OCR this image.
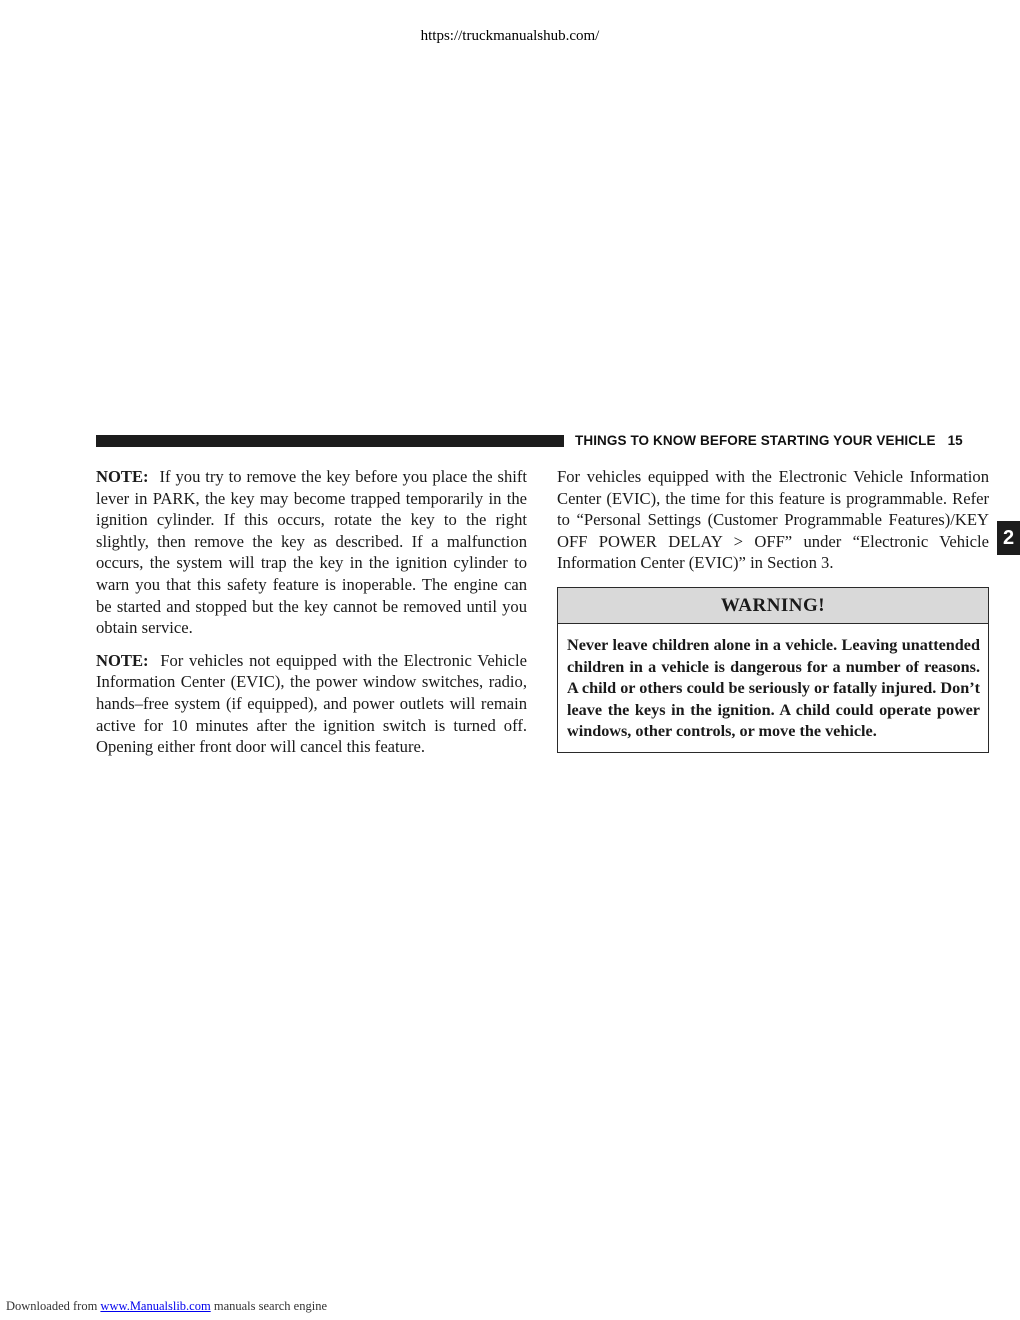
https://truckmanualshub.com/
THINGS TO KNOW BEFORE STARTING YOUR VEHICLE 15
2

NOTE: If you try to remove the key before you place the shift lever in PARK, the key may become trapped temporarily in the ignition cylinder. If this occurs, rotate the key to the right slightly, then remove the key as described. If a malfunction occurs, the system will trap the key in the ignition cylinder to warn you that this safety feature is inoperable. The engine can be started and stopped but the key cannot be removed until you obtain service.

NOTE: For vehicles not equipped with the Electronic Vehicle Information Center (EVIC), the power window switches, radio, hands–free system (if equipped), and power outlets will remain active for 10 minutes after the ignition switch is turned off. Opening either front door will cancel this feature.

For vehicles equipped with the Electronic Vehicle Information Center (EVIC), the time for this feature is programmable. Refer to “Personal Settings (Customer Programmable Features)/KEY OFF POWER DELAY > OFF” under “Electronic Vehicle Information Center (EVIC)” in Section 3.

WARNING!
Never leave children alone in a vehicle. Leaving unattended children in a vehicle is dangerous for a number of reasons. A child or others could be seriously or fatally injured. Don’t leave the keys in the ignition. A child could operate power windows, other controls, or move the vehicle.
Downloaded from www.Manualslib.com manuals search engine
